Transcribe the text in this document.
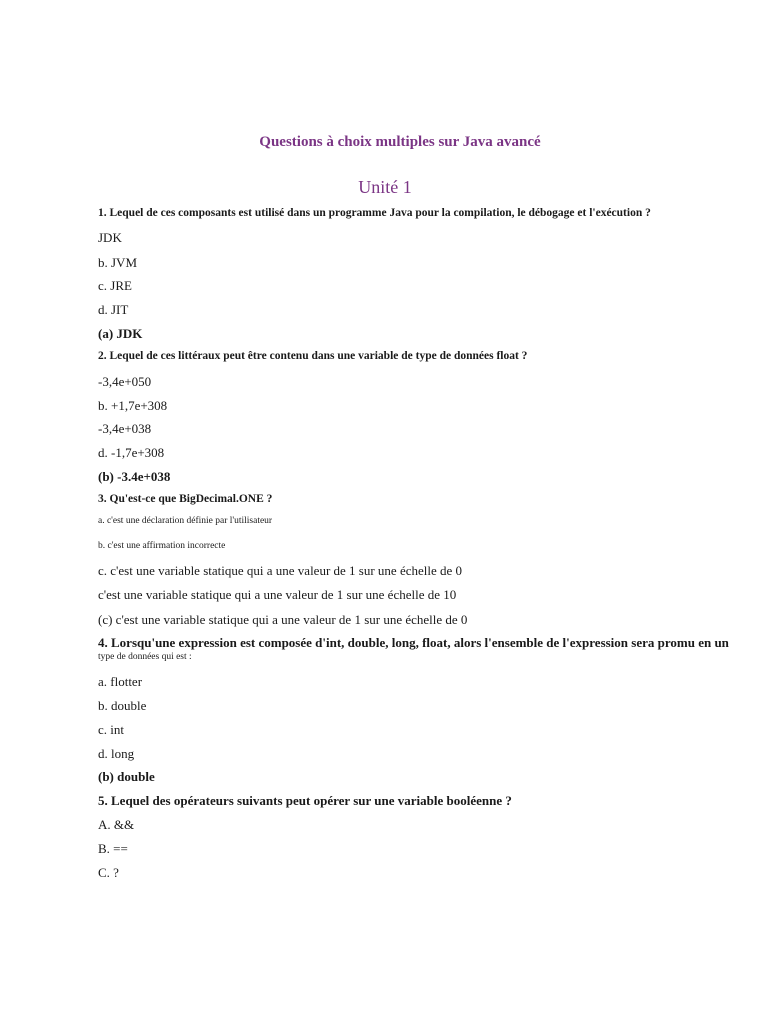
Questions à choix multiples sur Java avancé
Unité 1
1. Lequel de ces composants est utilisé dans un programme Java pour la compilation, le débogage et l'exécution ?
JDK
b. JVM
c. JRE
d. JIT
(a) JDK
2. Lequel de ces littéraux peut être contenu dans une variable de type de données float ?
-3,4e+050
b. +1,7e+308
-3,4e+038
d. -1,7e+308
(b) -3.4e+038
3. Qu'est-ce que BigDecimal.ONE ?
a. c'est une déclaration définie par l'utilisateur
b. c'est une affirmation incorrecte
c. c'est une variable statique qui a une valeur de 1 sur une échelle de 0
c'est une variable statique qui a une valeur de 1 sur une échelle de 10
(c) c'est une variable statique qui a une valeur de 1 sur une échelle de 0
4. Lorsqu'une expression est composée d'int, double, long, float, alors l'ensemble de l'expression sera promu en un
type de données qui est :
a. flotter
b. double
c. int
d. long
(b) double
5. Lequel des opérateurs suivants peut opérer sur une variable booléenne ?
A. &&
B. ==
C. ?
